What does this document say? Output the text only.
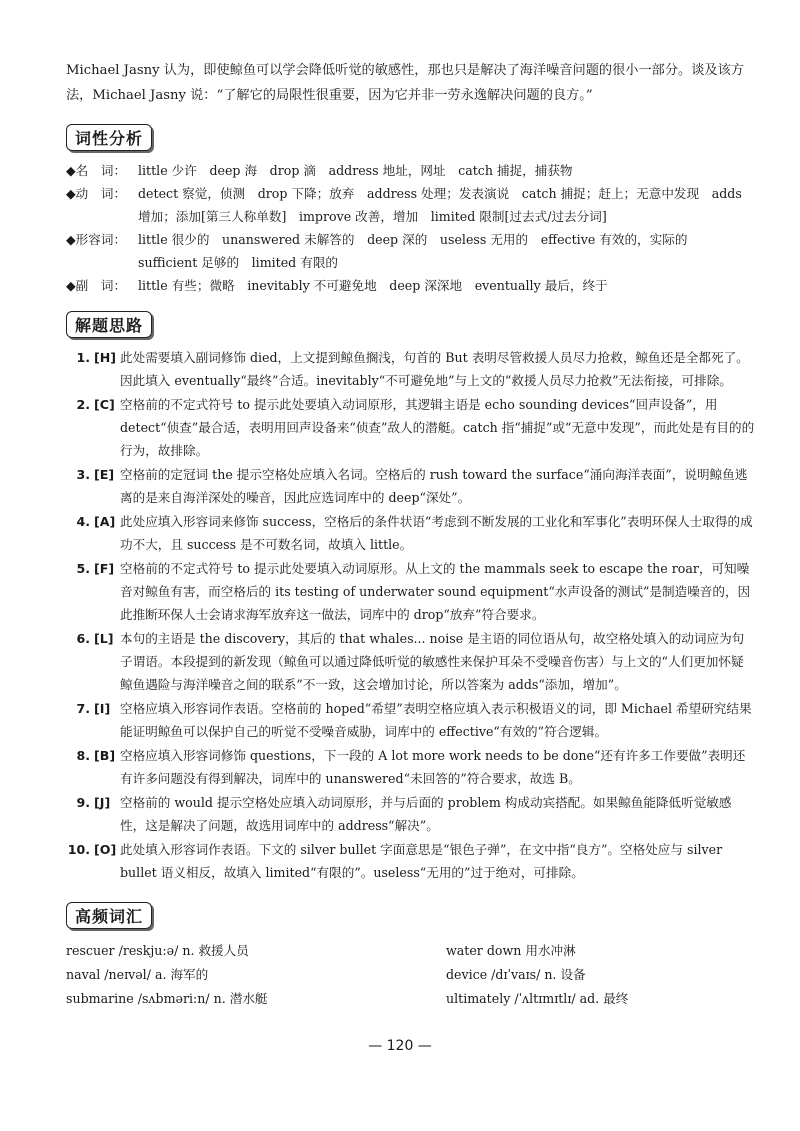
Michael Jasny 认为，即使鲸鱼可以学会降低听觉的敏感性，那也只是解决了海洋噪音问题的很小一部分。谈及该方法，Michael Jasny 说：“了解它的局限性很重要，因为它并非一劳永逸解决问题的良方。”

词性分析
◆名　词： little 少许　deep 海　drop 滴　address 地址，网址　catch 捕捉，捕获物
◆动　词： detect 察觉，侦测　drop 下降；放弃　address 处理；发表演说　catch 捕捉；赶上；无意中发现　adds 增加；添加[第三人称单数]　improve 改善，增加　limited 限制[过去式/过去分词]
◆形容词： little 很少的　unanswered 未解答的　deep 深的　useless 无用的　effective 有效的，实际的　sufficient 足够的　limited 有限的
◆副　词： little 有些；微略　inevitably 不可避免地　deep 深深地　eventually 最后，终于
解题思路
1. [H] 此处需要填入副词修饰 died，上文提到鲸鱼搁浅，句首的 But 表明尽管救援人员尽力抢救，鲸鱼还是全都死了。因此填入 eventually“最终”合适。inevitably“不可避免地”与上文的“救援人员尽力抢救”无法衔接，可排除。
2. [C] 空格前的不定式符号 to 提示此处要填入动词原形，其逻辑主语是 echo sounding devices“回声设备”，用 detect“侦查”最合适，表明用回声设备来“侦查”敌人的潜艇。catch 指“捕捉”或“无意中发现”，而此处是有目的的行为，故排除。
3. [E] 空格前的定冠词 the 提示空格处应填入名词。空格后的 rush toward the surface“涌向海洋表面”，说明鲸鱼逃离的是来自海洋深处的噪音，因此应选词库中的 deep“深处”。
4. [A] 此处应填入形容词来修饰 success，空格后的条件状语“考虑到不断发展的工业化和军事化”表明环保人士取得的成功不大，且 success 是不可数名词，故填入 little。
5. [F] 空格前的不定式符号 to 提示此处要填入动词原形。从上文的 the mammals seek to escape the roar，可知噪音对鲸鱼有害，而空格后的 its testing of underwater sound equipment“水声设备的测试”是制造噪音的，因此推断环保人士会请求海军放弃这一做法，词库中的 drop“放弃”符合要求。
6. [L] 本句的主语是 the discovery，其后的 that whales... noise 是主语的同位语从句，故空格处填入的动词应为句子谓语。本段提到的新发现（鲸鱼可以通过降低听觉的敏感性来保护耳朵不受噪音伤害）与上文的“人们更加怀疑鲸鱼遇险与海洋噪音之间的联系”不一致，这会增加讨论，所以答案为 adds“添加，增加”。
7. [I] 空格应填入形容词作表语。空格前的 hoped“希望”表明空格应填入表示积极语义的词，即 Michael 希望研究结果能证明鲸鱼可以保护自己的听觉不受噪音威胁，词库中的 effective“有效的”符合逻辑。
8. [B] 空格应填入形容词修饰 questions，下一段的 A lot more work needs to be done“还有许多工作要做”表明还有许多问题没有得到解决，词库中的 unanswered“未回答的”符合要求，故选 B。
9. [J] 空格前的 would 提示空格处应填入动词原形，并与后面的 problem 构成动宾搭配。如果鲸鱼能降低听觉敏感性，这是解决了问题，故选用词库中的 address“解决”。
10. [O] 此处填入形容词作表语。下文的 silver bullet 字面意思是“银色子弹”，在文中指“良方”。空格处应与 silver bullet 语义相反，故填入 limited“有限的”。useless“无用的”过于绝对，可排除。
高频词汇
rescuer /reskju:ə/ n. 救援人员	water down 用水冲淋
naval /neɪvəl/ a. 海军的	device /dɪˈvaɪs/ n. 设备
submarine /sʌbməri:n/ n. 潜水艇	ultimately /ˈʌltɪmɪtlɪ/ ad. 最终
— 120 —
